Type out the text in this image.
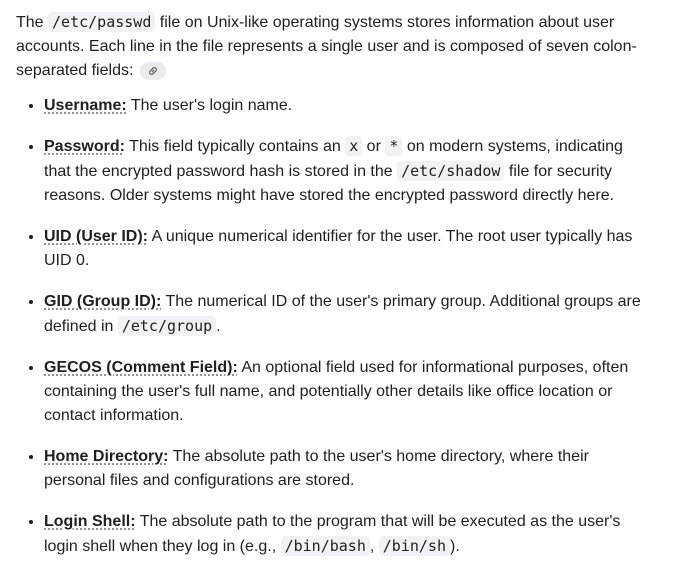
The /etc/passwd file on Unix-like operating systems stores information about user accounts. Each line in the file represents a single user and is composed of seven colon-separated fields:

• Username: The user's login name.
• Password: This field typically contains an x or * on modern systems, indicating that the encrypted password hash is stored in the /etc/shadow file for security reasons. Older systems might have stored the encrypted password directly here.
• UID (User ID): A unique numerical identifier for the user. The root user typically has UID 0.
• GID (Group ID): The numerical ID of the user's primary group. Additional groups are defined in /etc/group .
• GECOS (Comment Field): An optional field used for informational purposes, often containing the user's full name, and potentially other details like office location or contact information.
• Home Directory: The absolute path to the user's home directory, where their personal files and configurations are stored.
• Login Shell: The absolute path to the program that will be executed as the user's login shell when they log in (e.g., /bin/bash , /bin/sh ).
